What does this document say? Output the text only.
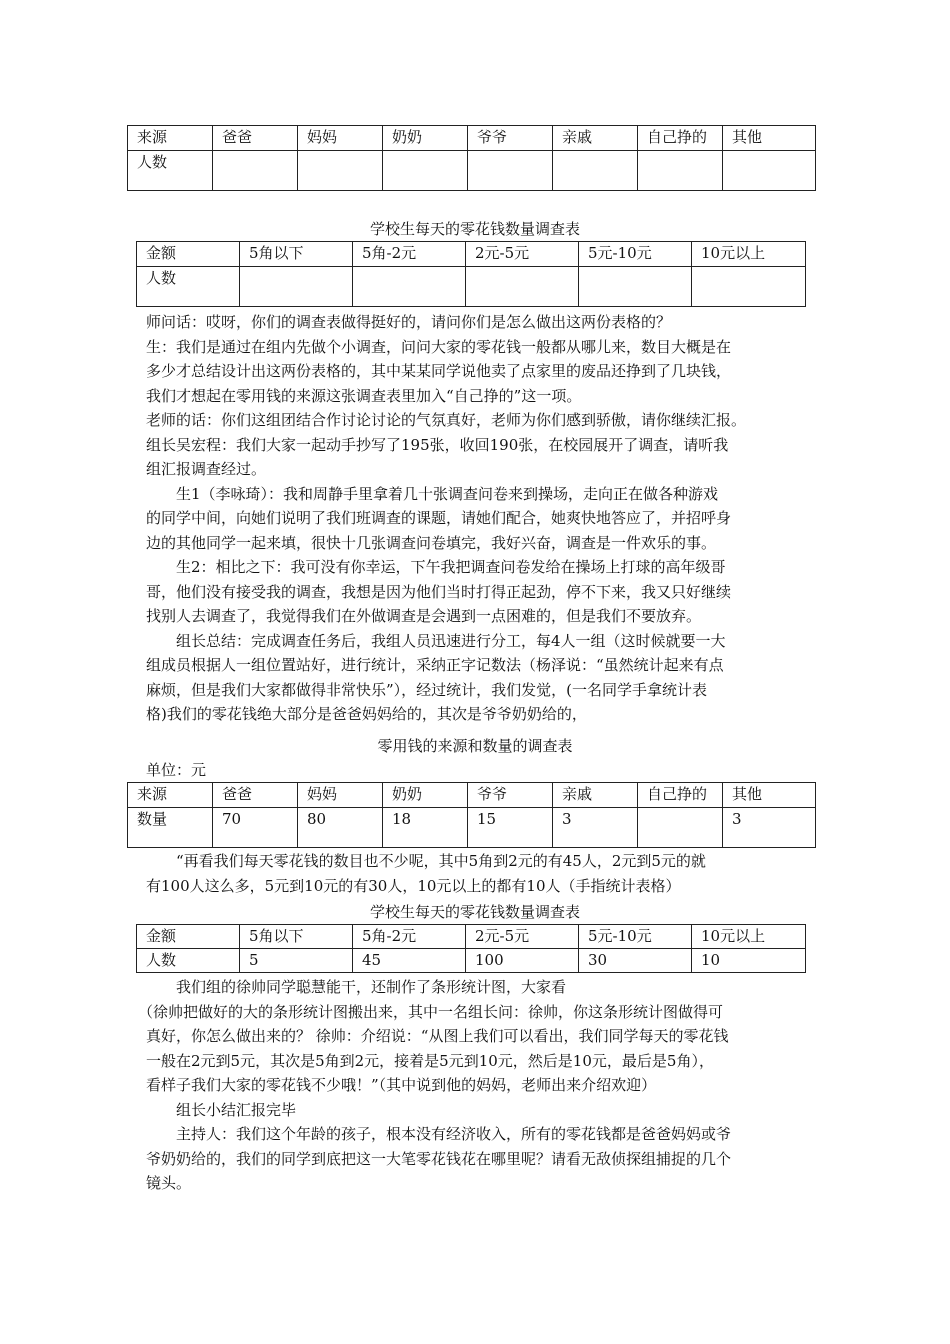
来源	爸爸	妈妈	奶奶	爷爷	亲戚	自己挣的	其他
人数							
学校生每天的零花钱数量调查表
金额	5角以下	5角-2元	2元-5元	5元-10元	10元以上
人数					
师问话：哎呀，你们的调查表做得挺好的，请问你们是怎么做出这两份表格的？
生：我们是通过在组内先做个小调查，问问大家的零花钱一般都从哪儿来，数目大概是在
多少才总结设计出这两份表格的，其中某某同学说他卖了点家里的废品还挣到了几块钱，
我们才想起在零用钱的来源这张调查表里加入“自己挣的”这一项。
老师的话：你们这组团结合作讨论讨论的气氛真好，老师为你们感到骄傲，请你继续汇报。
组长吴宏程：我们大家一起动手抄写了195张，收回190张，在校园展开了调查，请听我
组汇报调查经过。
　　生1（李咏琦）：我和周静手里拿着几十张调查问卷来到操场，走向正在做各种游戏
的同学中间，向她们说明了我们班调查的课题，请她们配合，她爽快地答应了，并招呼身
边的其他同学一起来填，很快十几张调查问卷填完，我好兴奋，调查是一件欢乐的事。
　　生2：相比之下：我可没有你幸运，下午我把调查问卷发给在操场上打球的高年级哥
哥，他们没有接受我的调查，我想是因为他们当时打得正起劲，停不下来，我又只好继续
找别人去调查了，我觉得我们在外做调查是会遇到一点困难的，但是我们不要放弃。
　　组长总结：完成调查任务后，我组人员迅速进行分工，每4人一组（这时候就要一大
组成员根据人一组位置站好，进行统计，采纳正字记数法（杨泽说：“虽然统计起来有点
麻烦，但是我们大家都做得非常快乐”），经过统计，我们发觉，(一名同学手拿统计表
格)我们的零花钱绝大部分是爸爸妈妈给的，其次是爷爷奶奶给的，
零用钱的来源和数量的调查表
单位：元
来源	爸爸	妈妈	奶奶	爷爷	亲戚	自己挣的	其他
数量	70	80	18	15	3		3
　　“再看我们每天零花钱的数目也不少呢，其中5角到2元的有45人，2元到5元的就
有100人这么多，5元到10元的有30人，10元以上的都有10人（手指统计表格）
学校生每天的零花钱数量调查表
金额	5角以下	5角-2元	2元-5元	5元-10元	10元以上
人数	5	45	100	30	10
　　我们组的徐帅同学聪慧能干，还制作了条形统计图，大家看
（徐帅把做好的大的条形统计图搬出来，其中一名组长问：徐帅，你这条形统计图做得可
真好，你怎么做出来的？ 徐帅：介绍说：“从图上我们可以看出，我们同学每天的零花钱
一般在2元到5元，其次是5角到2元，接着是5元到10元，然后是10元，最后是5角），
看样子我们大家的零花钱不少哦！”（其中说到他的妈妈，老师出来介绍欢迎）
　　组长小结汇报完毕
　　主持人：我们这个年龄的孩子，根本没有经济收入，所有的零花钱都是爸爸妈妈或爷
爷奶奶给的，我们的同学到底把这一大笔零花钱花在哪里呢？请看无敌侦探组捕捉的几个
镜头。
